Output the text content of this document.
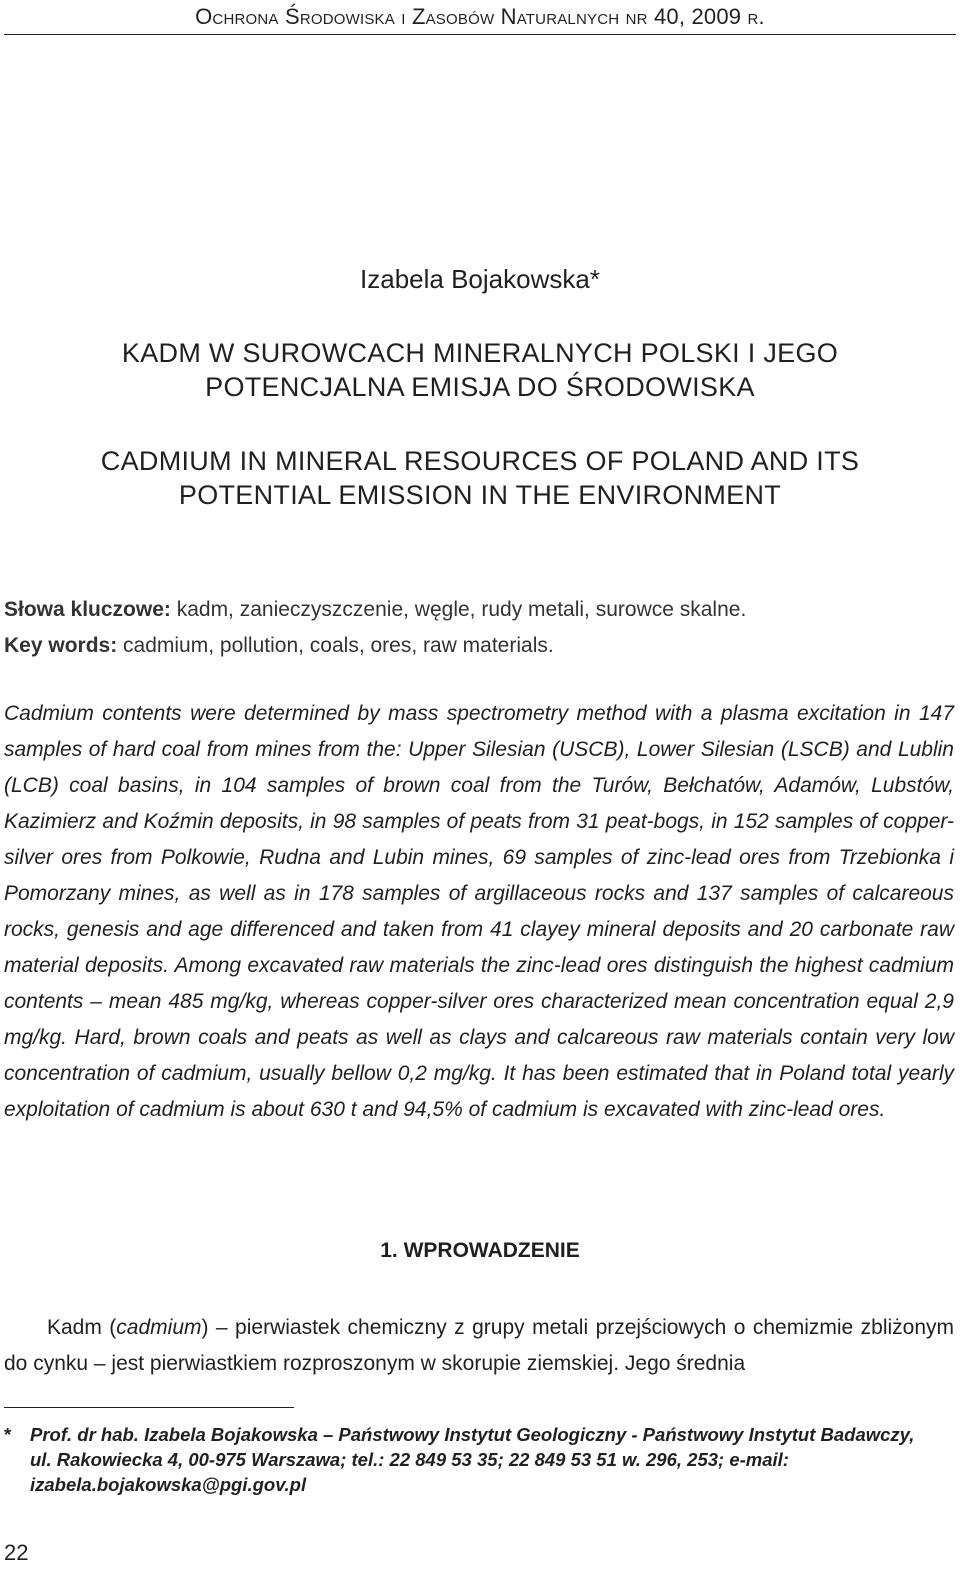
Ochrona Środowiska i Zasobów Naturalnych nr 40, 2009 r.
Izabela Bojakowska*
KADM W SUROWCACH MINERALNYCH POLSKI I JEGO
POTENCJALNA EMISJA DO ŚRODOWISKA
CADMIUM IN MINERAL RESOURCES OF POLAND AND ITS
POTENTIAL EMISSION IN THE ENVIRONMENT
Słowa kluczowe: kadm, zanieczyszczenie, węgle, rudy metali, surowce skalne.
Key words: cadmium, pollution, coals, ores, raw materials.
Cadmium contents were determined by mass spectrometry method with a plasma excitation in 147 samples of hard coal from mines from the: Upper Silesian (USCB), Lower Silesian (LSCB) and Lublin (LCB) coal basins, in 104 samples of brown coal from the Turów, Bełchatów, Adamów, Lubstów, Kazimierz and Koźmin deposits, in 98 samples of peats from 31 peat-bogs, in 152 samples of copper-silver ores from Polkowie, Rudna and Lubin mines, 69 samples of zinc-lead ores from Trzebionka i Pomorzany mines, as well as in 178 samples of argillaceous rocks and 137 samples of calcareous rocks, genesis and age differenced and taken from 41 clayey mineral deposits and 20 carbonate raw material deposits. Among excavated raw materials the zinc-lead ores distinguish the highest cadmium contents – mean 485 mg/kg, whereas copper-silver ores characterized mean concentration equal 2,9 mg/kg. Hard, brown coals and peats as well as clays and calcareous raw materials contain very low concentration of cadmium, usually bellow 0,2 mg/kg. It has been estimated that in Poland total yearly exploitation of cadmium is about 630 t and 94,5% of cadmium is excavated with zinc-lead ores.
1. WPROWADZENIE
Kadm (cadmium) – pierwiastek chemiczny z grupy metali przejściowych o chemizmie zbliżonym do cynku – jest pierwiastkiem rozproszonym w skorupie ziemskiej. Jego średnia
* Prof. dr hab. Izabela Bojakowska – Państwowy Instytut Geologiczny - Państwowy Instytut Badawczy, ul. Rakowiecka 4, 00-975 Warszawa; tel.: 22 849 53 35; 22 849 53 51 w. 296, 253; e-mail: izabela.bojakowska@pgi.gov.pl
22
